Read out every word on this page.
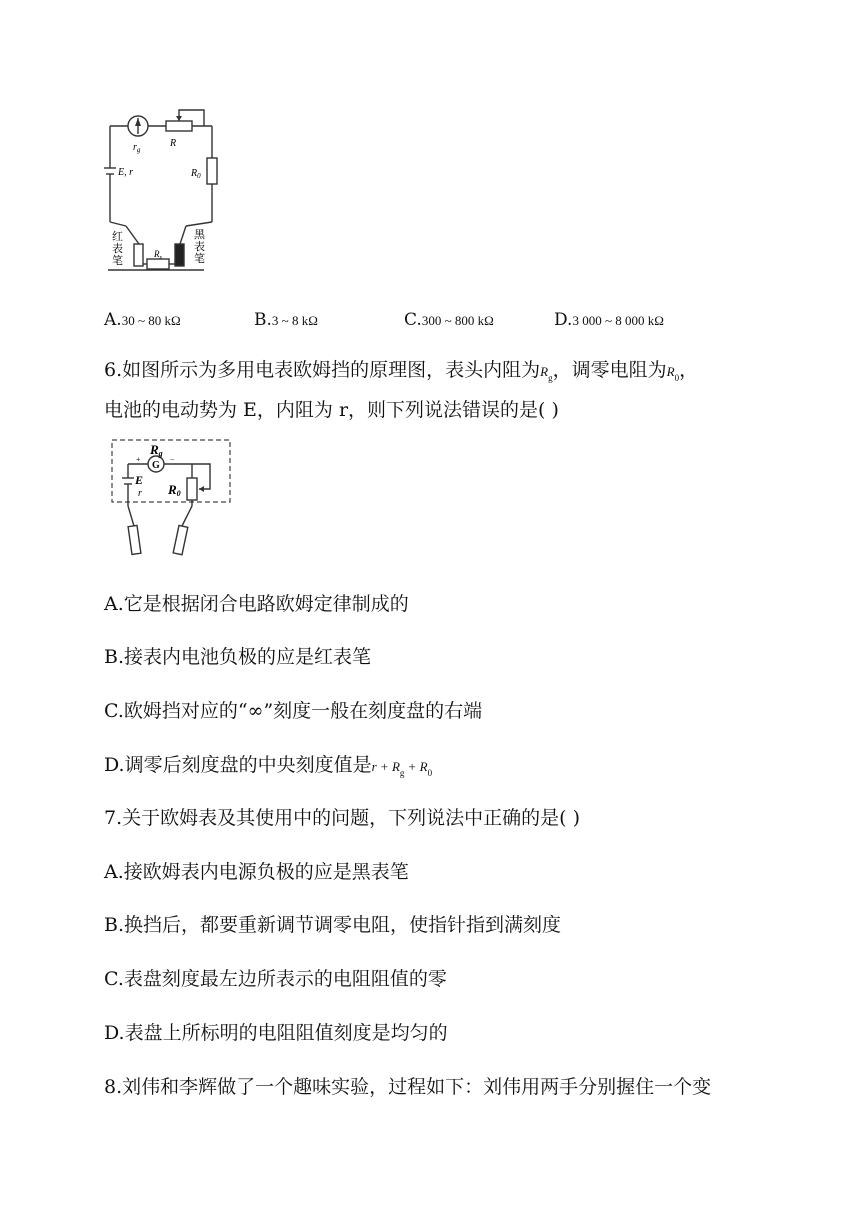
$r_g$
R
$R_0$
E, r
红
表
笔
黑
表
笔
$R_x$
A.30 ~ 80 kΩ	B.3 ~ 8 kΩ	C.300 ~ 800 kΩ	D.3 000 ~ 8 000 kΩ
6.如图所示为多用电表欧姆挡的原理图，表头内阻为$R_g$，调零电阻为$R_0$，
电池的电动势为 E，内阻为 r，则下列说法错误的是( )
G
Rg
+	−
E
r R0
A.它是根据闭合电路欧姆定律制成的
B.接表内电池负极的应是红表笔
C.欧姆挡对应的“∞”刻度一般在刻度盘的右端
D.调零后刻度盘的中央刻度值是$r + R_g + R_0$
7.关于欧姆表及其使用中的问题，下列说法中正确的是( )
A.接欧姆表内电源负极的应是黑表笔
B.换挡后，都要重新调节调零电阻，使指针指到满刻度
C.表盘刻度最左边所表示的电阻阻值的零
D.表盘上所标明的电阻阻值刻度是均匀的
8.刘伟和李辉做了一个趣味实验，过程如下：刘伟用两手分别握住一个变
